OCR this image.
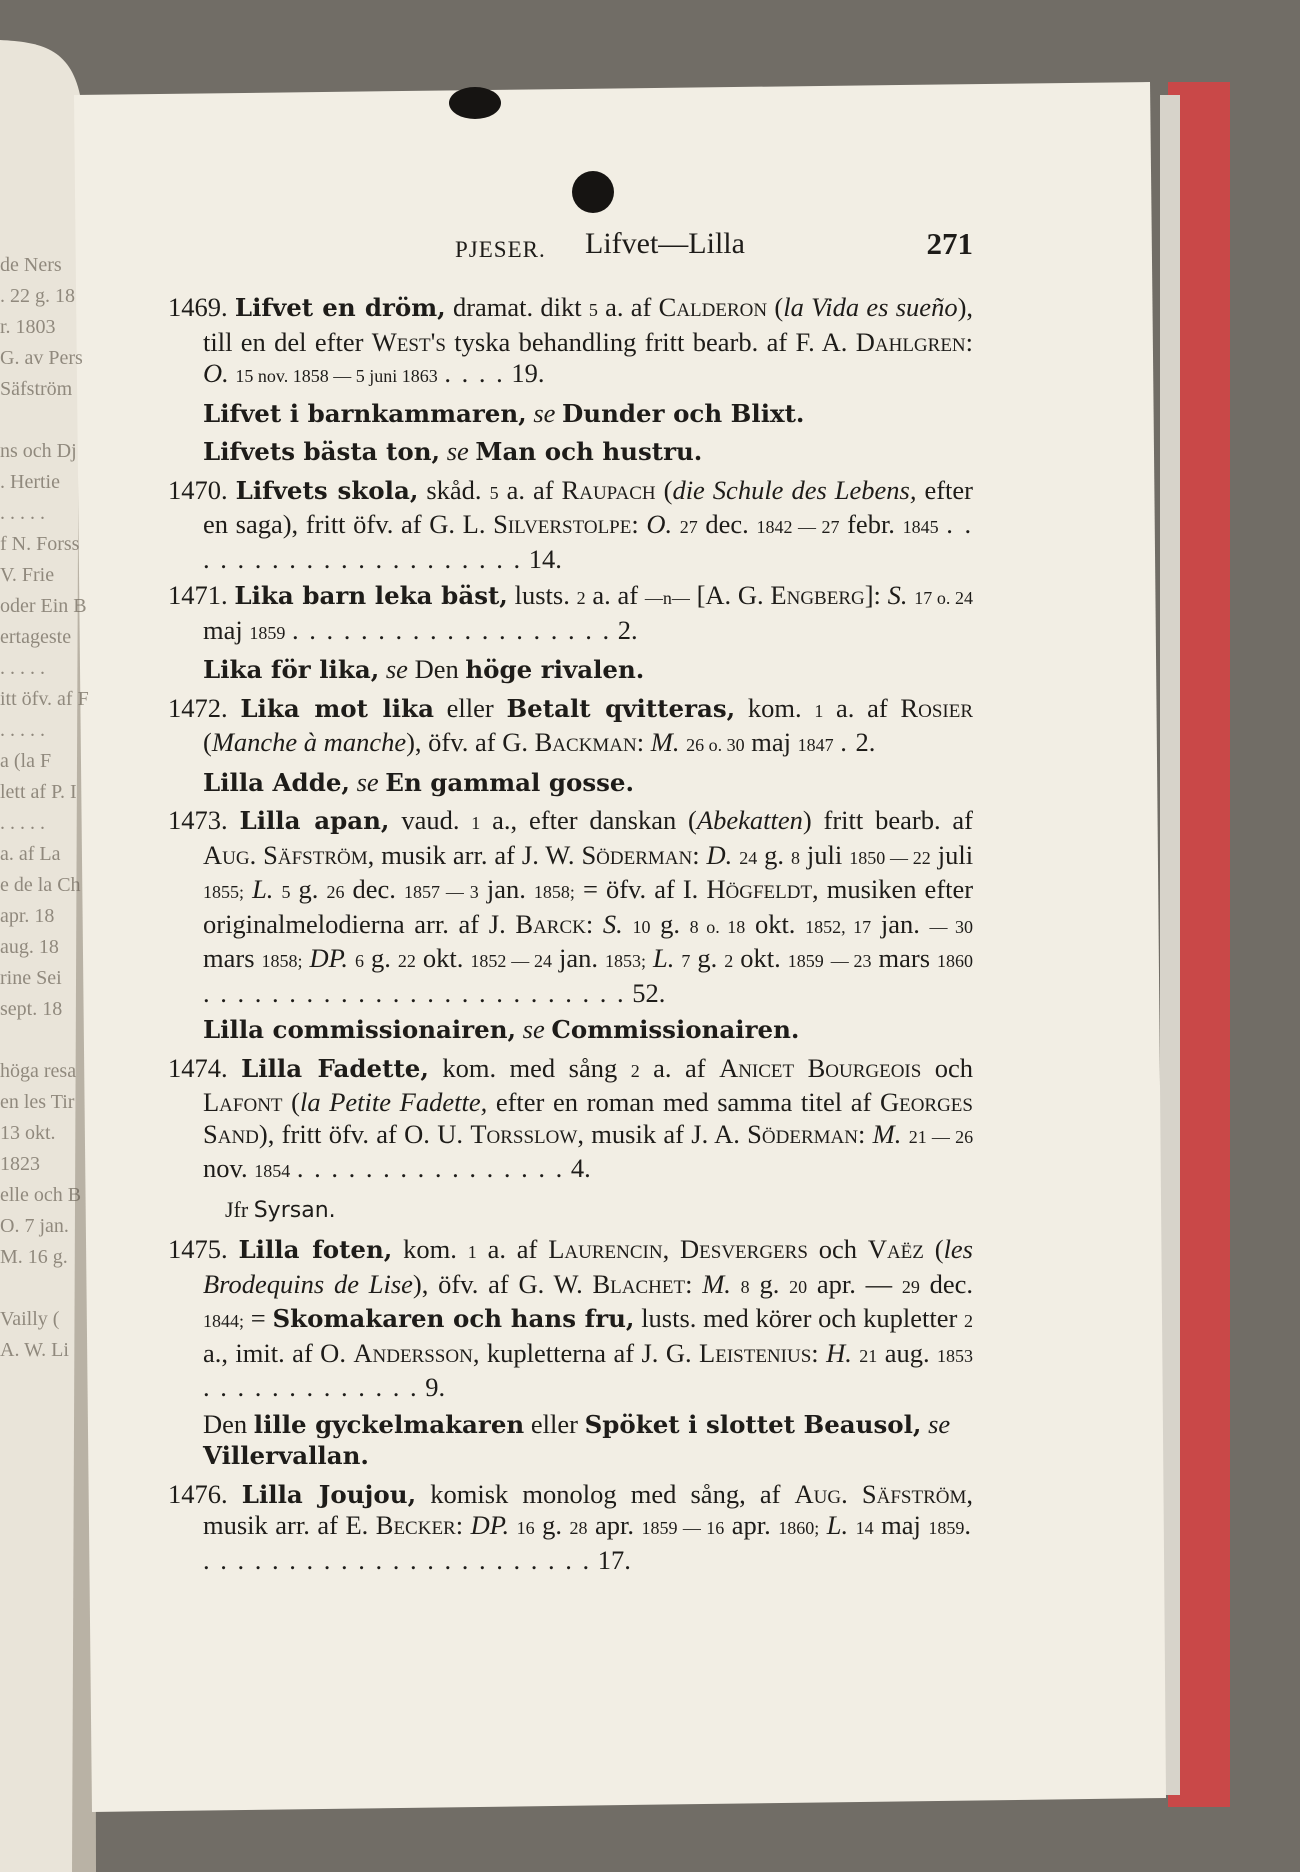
de Ners
. 22 g. 18
r. 1803
G. av Pers
Säfström
ns och Dj
. Hertie
. . . . .
f N. Forss
V. Frie
oder Ein B
ertageste
. . . . .
itt öfv. af F
. . . . .
a (la F
lett af P. I
. . . . .
a. af La
e de la Ch
apr. 18
aug. 18
rine Sei
sept. 18
höga resa
en les Tir
13 okt.
1823
elle och B
O. 7 jan.
M. 16 g.
Vailly (
A. W. Li
PJESER. Lifvet—Lilla	271
1469. Lifvet en dröm, dramat. dikt 5 a. af Calderon (la Vida es sueño), till en del efter West's tyska behandling fritt bearb. af F. A. Dahlgren: O. 15 nov. 1858 — 5 juni 1863 . . . . 19.
Lifvet i barnkammaren, se Dunder och Blixt.
Lifvets bästa ton, se Man och hustru.
1470. Lifvets skola, skåd. 5 a. af Raupach (die Schule des Lebens, efter en saga), fritt öfv. af G. L. Silverstolpe: O. 27 dec. 1842 — 27 febr. 1845 . . . . . . . . . . . . . . . . . . . . . 14.
1471. Lika barn leka bäst, lusts. 2 a. af —n— [A. G. Engberg]: S. 17 o. 24 maj 1859 . . . . . . . . . . . . . . . . . . . 2.
Lika för lika, se Den höge rivalen.
1472. Lika mot lika eller Betalt qvitteras, kom. 1 a. af Rosier (Manche à manche), öfv. af G. Backman: M. 26 o. 30 maj 1847 . 2.
Lilla Adde, se En gammal gosse.
1473. Lilla apan, vaud. 1 a., efter danskan (Abekatten) fritt bearb. af Aug. Säfström, musik arr. af J. W. Söderman: D. 24 g. 8 juli 1850 — 22 juli 1855; L. 5 g. 26 dec. 1857 — 3 jan. 1858; = öfv. af I. Högfeldt, musiken efter originalmelodierna arr. af J. Barck: S. 10 g. 8 o. 18 okt. 1852, 17 jan. — 30 mars 1858; DP. 6 g. 22 okt. 1852 — 24 jan. 1853; L. 7 g. 2 okt. 1859 — 23 mars 1860 . . . . . . . . . . . . . . . . . . . . . . . . . 52.
Lilla commissionairen, se Commissionairen.
1474. Lilla Fadette, kom. med sång 2 a. af Anicet Bourgeois och Lafont (la Petite Fadette, efter en roman med samma titel af Georges Sand), fritt öfv. af O. U. Torsslow, musik af J. A. Söderman: M. 21 — 26 nov. 1854 . . . . . . . . . . . . . . . . 4.
Jfr Syrsan.
1475. Lilla foten, kom. 1 a. af Laurencin, Desvergers och Vaëz (les Brodequins de Lise), öfv. af G. W. Blachet: M. 8 g. 20 apr. — 29 dec. 1844; = Skomakaren och hans fru, lusts. med körer och kupletter 2 a., imit. af O. Andersson, kupletterna af J. G. Leistenius: H. 21 aug. 1853 . . . . . . . . . . . . . 9.
Den lille gyckelmakaren eller Spöket i slottet Beausol, se Villervallan.
1476. Lilla Joujou, komisk monolog med sång, af Aug. Säfström, musik arr. af E. Becker: DP. 16 g. 28 apr. 1859 — 16 apr. 1860; L. 14 maj 1859. . . . . . . . . . . . . . . . . . . . . . . . 17.
